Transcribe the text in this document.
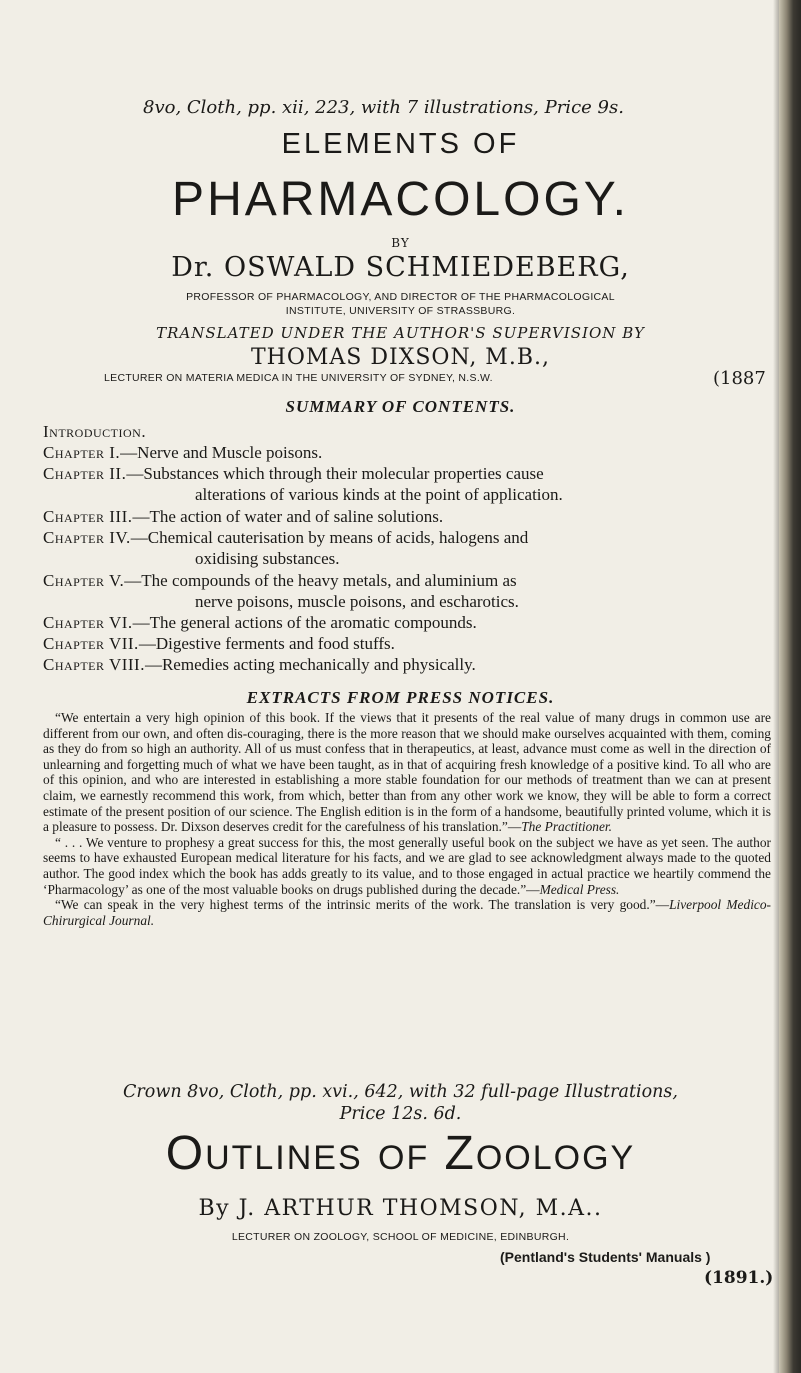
8vo, Cloth, pp. xii, 223, with 7 illustrations, Price 9s.
ELEMENTS OF
PHARMACOLOGY.
BY
Dr. OSWALD SCHMIEDEBERG,
PROFESSOR OF PHARMACOLOGY, AND DIRECTOR OF THE PHARMACOLOGICAL
INSTITUTE, UNIVERSITY OF STRASSBURG.
TRANSLATED UNDER THE AUTHOR'S SUPERVISION BY
THOMAS DIXSON, M.B.,
LECTURER ON MATERIA MEDICA IN THE UNIVERSITY OF SYDNEY, N.S.W.	(1887
SUMMARY OF CONTENTS.
Introduction.
Chapter I.—Nerve and Muscle poisons.
Chapter II.—Substances which through their molecular properties cause
alterations of various kinds at the point of application.
Chapter III.—The action of water and of saline solutions.
Chapter IV.—Chemical cauterisation by means of acids, halogens and
oxidising substances.
Chapter V.—The compounds of the heavy metals, and aluminium as
nerve poisons, muscle poisons, and escharotics.
Chapter VI.—The general actions of the aromatic compounds.
Chapter VII.—Digestive ferments and food stuffs.
Chapter VIII.—Remedies acting mechanically and physically.
EXTRACTS FROM PRESS NOTICES.

“We entertain a very high opinion of this book. If the views that it presents of the real value of many drugs in common use are different from our own, and often dis-couraging, there is the more reason that we should make ourselves acquainted with them, coming as they do from so high an authority. All of us must confess that in therapeutics, at least, advance must come as well in the direction of unlearning and forgetting much of what we have been taught, as in that of acquiring fresh knowledge of a positive kind. To all who are of this opinion, and who are interested in establishing a more stable foundation for our methods of treatment than we can at present claim, we earnestly recommend this work, from which, better than from any other work we know, they will be able to form a correct estimate of the present position of our science. The English edition is in the form of a handsome, beautifully printed volume, which it is a pleasure to possess. Dr. Dixson deserves credit for the carefulness of his translation.”—The Practitioner.

“ . . . We venture to prophesy a great success for this, the most generally useful book on the subject we have as yet seen. The author seems to have exhausted European medical literature for his facts, and we are glad to see acknowledgment always made to the quoted author. The good index which the book has adds greatly to its value, and to those engaged in actual practice we heartily commend the ‘Pharmacology’ as one of the most valuable books on drugs published during the decade.”—Medical Press.

“We can speak in the very highest terms of the intrinsic merits of the work. The translation is very good.”—Liverpool Medico-Chirurgical Journal.

Crown 8vo, Cloth, pp. xvi., 642, with 32 full-page Illustrations,
Price 12s. 6d.
Outlines of Zoology
By J. ARTHUR THOMSON, M.A..
LECTURER ON ZOOLOGY, SCHOOL OF MEDICINE, EDINBURGH.
(Pentland's Students' Manuals )
(1891.)
